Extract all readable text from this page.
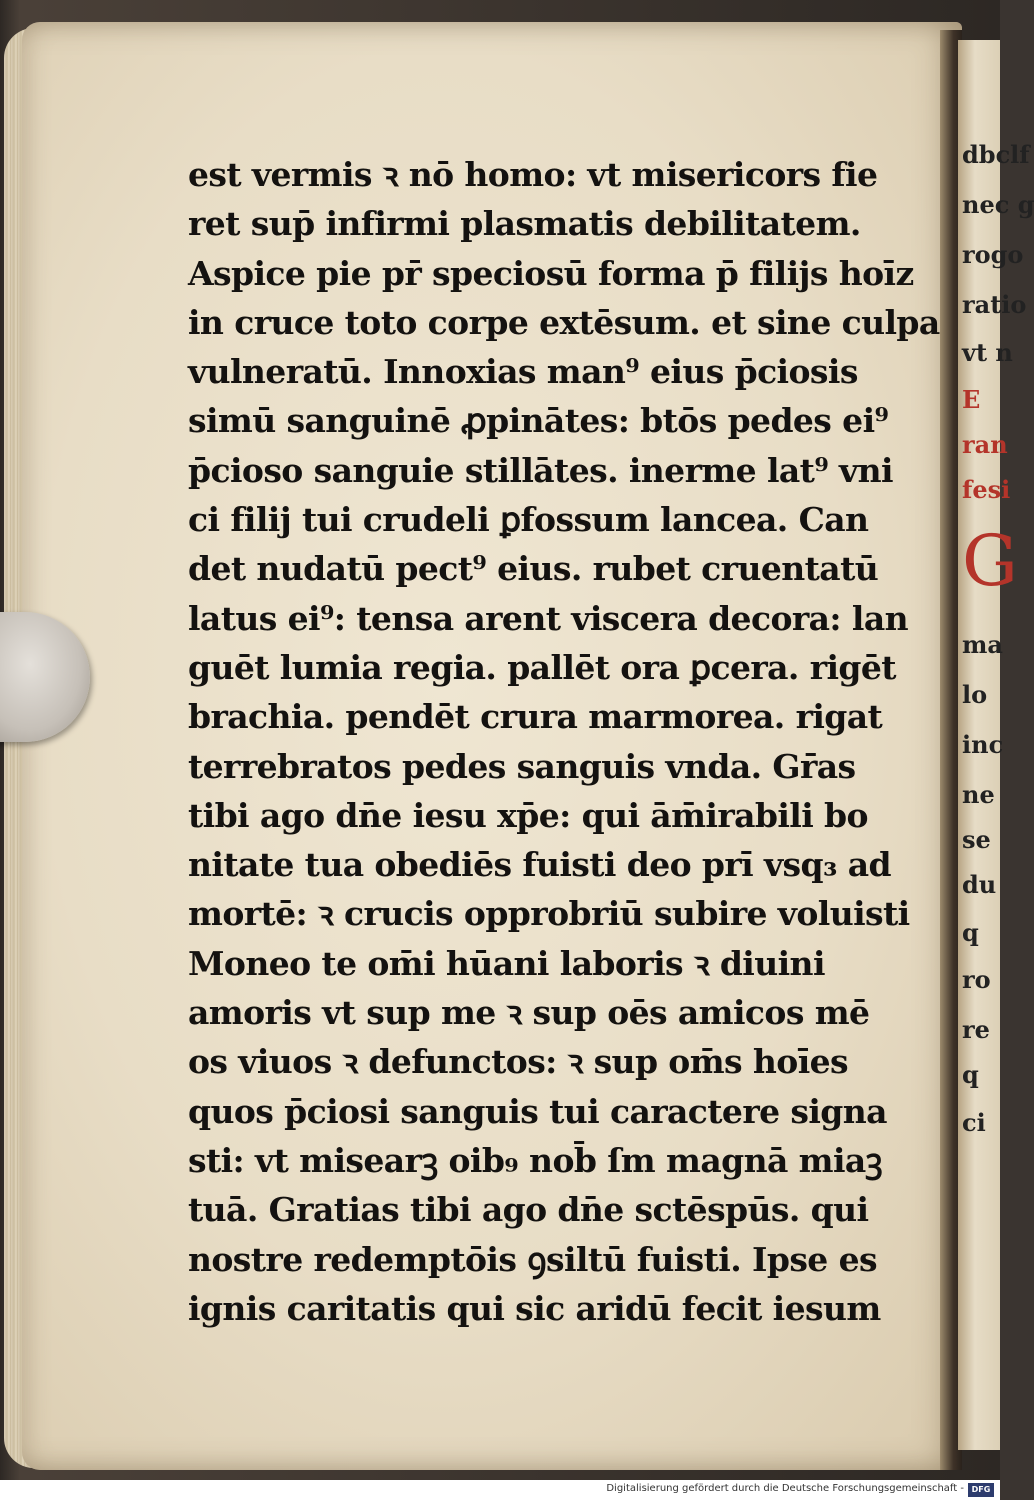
dbclf
nec g
rogo
ratio
vt n
E
ran
fesi
G
ma
lo
inc
ne
se
du
q
ro
re
q
ci
est vermis ꝛ nō homo: vt misericors fie
ret sup̄ infirmi plasmatis debilitatem.
Aspice pie pr̄ speciosū forma p̄ filijs hoīz
in cruce toto corpe extēsum. et sine culpa
vulneratū. Innoxias man⁹ eius p̄ciosis
simū sanguinē ꝓpinātes: btōs pedes ei⁹
p̄cioso sanguie stillātes. inerme lat⁹ vni
ci filij tui crudeli ꝑfossum lancea. Can
det nudatū pect⁹ eius. rubet cruentatū
latus ei⁹: tensa arent viscera decora: lan
guēt lumia regia. pallēt ora ꝑcera. rigēt
brachia. pendēt crura marmorea. rigat
terrebratos pedes sanguis vnda. Gr̄as
tibi ago dn̄e iesu xp̄e: qui ām̄irabili bo
nitate tua obediēs fuisti deo prī vsq₃ ad
mortē: ꝛ crucis opprobriū subire voluisti
Moneo te om̄i hūani laboris ꝛ diuini
amoris vt sup me ꝛ sup oēs amicos mē
os viuos ꝛ defunctos: ꝛ sup om̄s hoīes
quos p̄ciosi sanguis tui caractere signa
sti: vt misearꝫ oib₉ nob̄ ſm magnā miaꝫ
tuā. Gratias tibi ago dn̄e sctēspūs. qui
nostre redemptōis ꝯsiltū fuisti. Ipse es
ignis caritatis qui sic aridū fecit iesum
Digitalisierung gefördert durch die Deutsche Forschungsgemeinschaft - DFG
